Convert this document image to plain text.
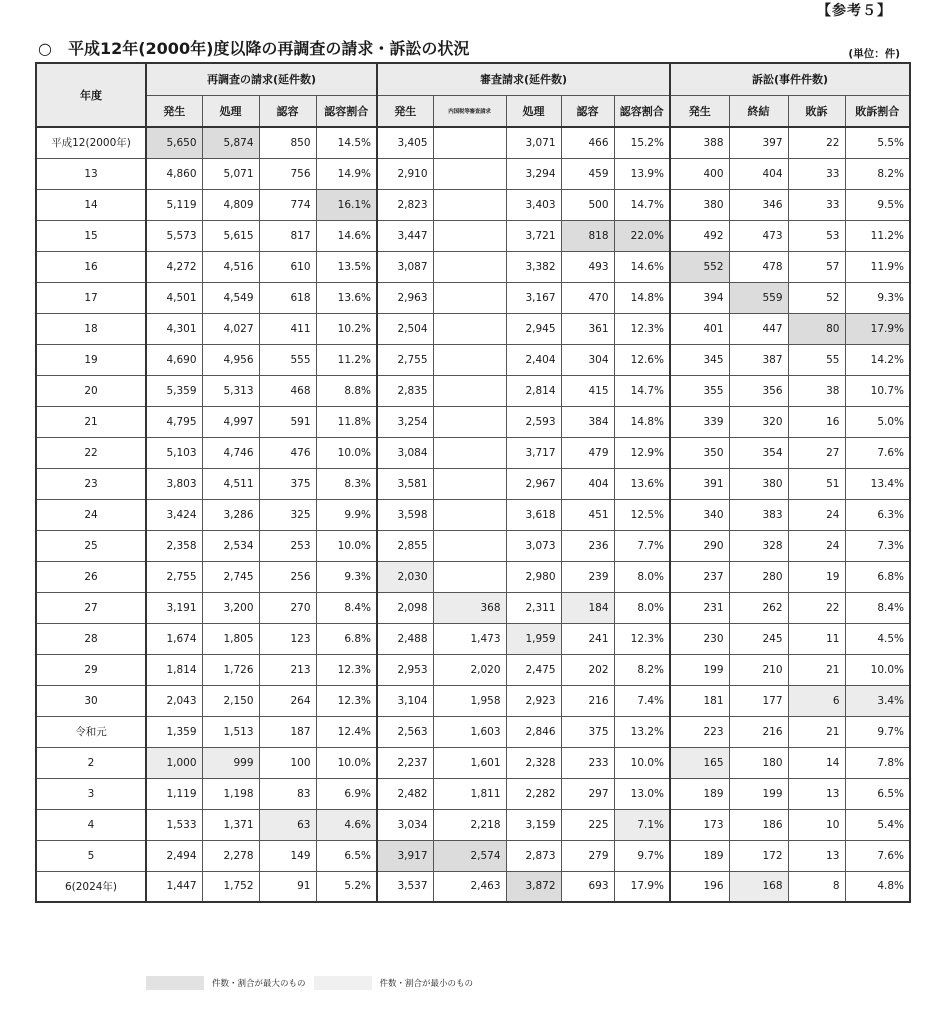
【参考５】
○　平成12年(2000年)度以降の再調査の請求・訴訟の状況	(単位：件)
年度	再調査の請求(延件数)				審査請求(延件数)					訴訟(事件件数)			
	発生	処理	認容	認容割合	発生	内国税等審査請求	処理	認容	認容割合	発生	終結	敗訴	敗訴割合
平成12(2000年)	5,650	5,874	850	14.5%	3,405		3,071	466	15.2%	388	397	22	5.5%
13	4,860	5,071	756	14.9%	2,910		3,294	459	13.9%	400	404	33	8.2%
14	5,119	4,809	774	16.1%	2,823		3,403	500	14.7%	380	346	33	9.5%
15	5,573	5,615	817	14.6%	3,447		3,721	818	22.0%	492	473	53	11.2%
16	4,272	4,516	610	13.5%	3,087		3,382	493	14.6%	552	478	57	11.9%
17	4,501	4,549	618	13.6%	2,963		3,167	470	14.8%	394	559	52	9.3%
18	4,301	4,027	411	10.2%	2,504		2,945	361	12.3%	401	447	80	17.9%
19	4,690	4,956	555	11.2%	2,755		2,404	304	12.6%	345	387	55	14.2%
20	5,359	5,313	468	8.8%	2,835		2,814	415	14.7%	355	356	38	10.7%
21	4,795	4,997	591	11.8%	3,254		2,593	384	14.8%	339	320	16	5.0%
22	5,103	4,746	476	10.0%	3,084		3,717	479	12.9%	350	354	27	7.6%
23	3,803	4,511	375	8.3%	3,581		2,967	404	13.6%	391	380	51	13.4%
24	3,424	3,286	325	9.9%	3,598		3,618	451	12.5%	340	383	24	6.3%
25	2,358	2,534	253	10.0%	2,855		3,073	236	7.7%	290	328	24	7.3%
26	2,755	2,745	256	9.3%	2,030		2,980	239	8.0%	237	280	19	6.8%
27	3,191	3,200	270	8.4%	2,098	368	2,311	184	8.0%	231	262	22	8.4%
28	1,674	1,805	123	6.8%	2,488	1,473	1,959	241	12.3%	230	245	11	4.5%
29	1,814	1,726	213	12.3%	2,953	2,020	2,475	202	8.2%	199	210	21	10.0%
30	2,043	2,150	264	12.3%	3,104	1,958	2,923	216	7.4%	181	177	6	3.4%
令和元	1,359	1,513	187	12.4%	2,563	1,603	2,846	375	13.2%	223	216	21	9.7%
2	1,000	999	100	10.0%	2,237	1,601	2,328	233	10.0%	165	180	14	7.8%
3	1,119	1,198	83	6.9%	2,482	1,811	2,282	297	13.0%	189	199	13	6.5%
4	1,533	1,371	63	4.6%	3,034	2,218	3,159	225	7.1%	173	186	10	5.4%
5	2,494	2,278	149	6.5%	3,917	2,574	2,873	279	9.7%	189	172	13	7.6%
6(2024年)	1,447	1,752	91	5.2%	3,537	2,463	3,872	693	17.9%	196	168	8	4.8%
件数・割合が最大のもの	件数・割合が最小のもの
